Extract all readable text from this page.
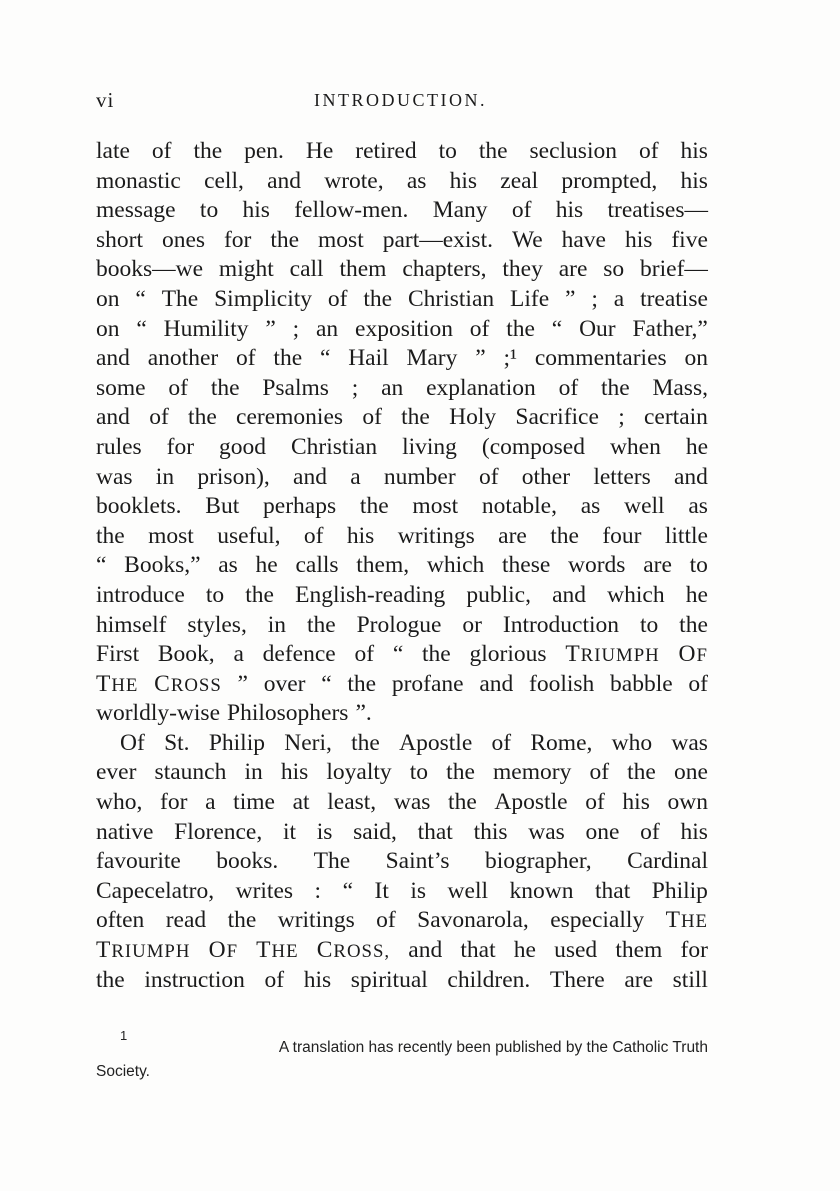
vi	INTRODUCTION.
late of the pen. He retired to the seclusion of his
monastic cell, and wrote, as his zeal prompted, his
message to his fellow-men. Many of his treatises—
short ones for the most part—exist. We have his five
books—we might call them chapters, they are so brief—
on “ The Simplicity of the Christian Life ” ; a treatise
on “ Humility ” ; an exposition of the “ Our Father,”
and another of the “ Hail Mary ” ;¹ commentaries on
some of the Psalms ; an explanation of the Mass,
and of the ceremonies of the Holy Sacrifice ; certain
rules for good Christian living (composed when he
was in prison), and a number of other letters and
booklets. But perhaps the most notable, as well as
the most useful, of his writings are the four little
“ Books,” as he calls them, which these words are to
introduce to the English-reading public, and which he
himself styles, in the Prologue or Introduction to the
First Book, a defence of “ the glorious TRIUMPH OF
THE CROSS ” over “ the profane and foolish babble of
worldly-wise Philosophers ”.
Of St. Philip Neri, the Apostle of Rome, who was
ever staunch in his loyalty to the memory of the one
who, for a time at least, was the Apostle of his own
native Florence, it is said, that this was one of his
favourite books. The Saint’s biographer, Cardinal
Capecelatro, writes : “ It is well known that Philip
often read the writings of Savonarola, especially THE
TRIUMPH OF THE CROSS, and that he used them for
the instruction of his spiritual children. There are still
1
A translation has recently been published by the Catholic Truth
Society.
